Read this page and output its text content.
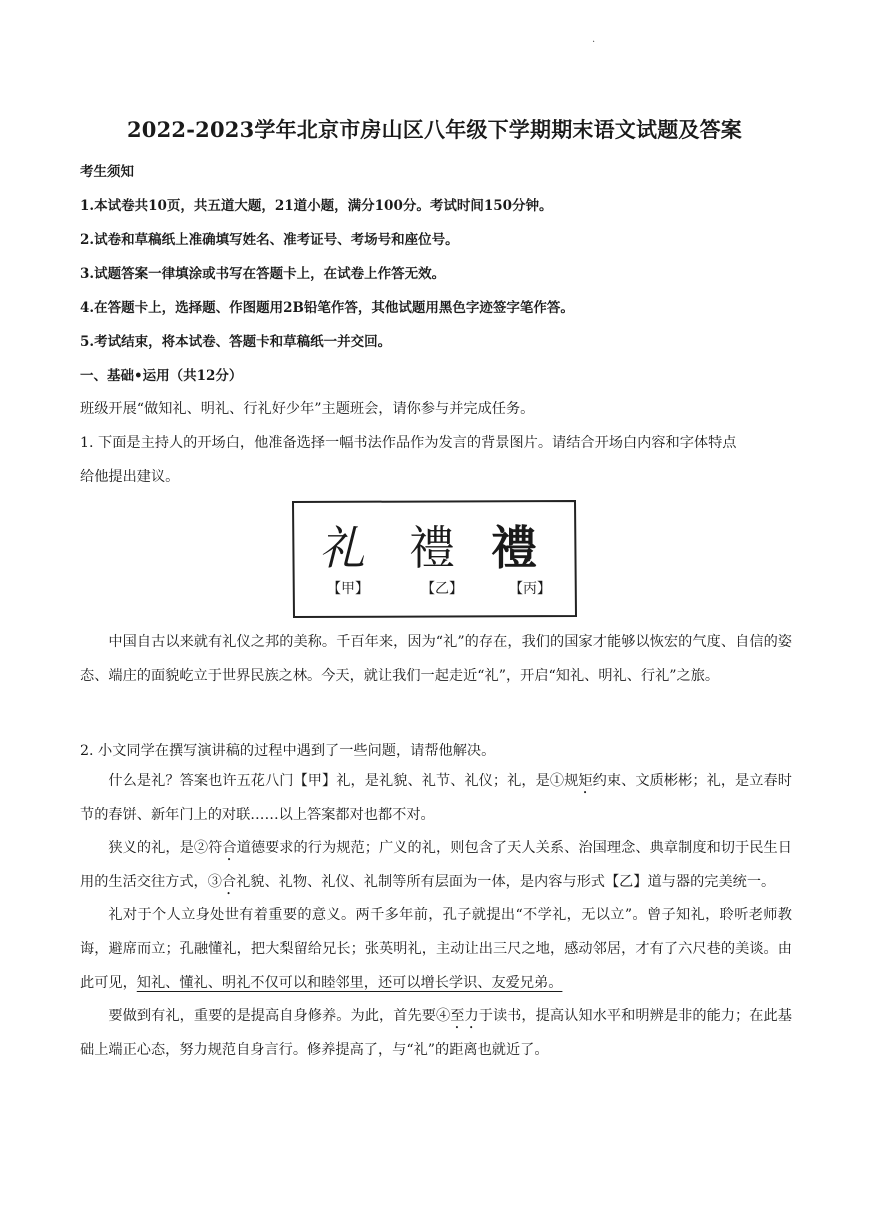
.
2022-2023学年北京市房山区八年级下学期期末语文试题及答案
考生须知
1.本试卷共10页，共五道大题，21道小题，满分100分。考试时间150分钟。
2.试卷和草稿纸上准确填写姓名、准考证号、考场号和座位号。
3.试题答案一律填涂或书写在答题卡上，在试卷上作答无效。
4.在答题卡上，选择题、作图题用2B铅笔作答，其他试题用黑色字迹签字笔作答。
5.考试结束，将本试卷、答题卡和草稿纸一并交回。
一、基础•运用（共12分）
班级开展“做知礼、明礼、行礼好少年”主题班会，请你参与并完成任务。
1. 下面是主持人的开场白，他准备选择一幅书法作品作为发言的背景图片。请结合开场白内容和字体特点
给他提出建议。
礼 禮 禮
【甲】	【乙】	【丙】

中国自古以来就有礼仪之邦的美称。千百年来，因为“礼”的存在，我们的国家才能够以恢宏的气度、自信的姿态、端庄的面貌屹立于世界民族之林。今天，就让我们一起走近“礼”，开启“知礼、明礼、行礼”之旅。

2. 小文同学在撰写演讲稿的过程中遇到了一些问题，请帮他解决。

什么是礼？答案也许五花八门【甲】礼，是礼貌、礼节、礼仪；礼，是①规矩约束、文质彬彬；礼，是立春时节的春饼、新年门上的对联……以上答案都对也都不对。

狭义的礼，是②符合道德要求的行为规范；广义的礼，则包含了天人关系、治国理念、典章制度和切于民生日用的生活交往方式，③合礼貌、礼物、礼仪、礼制等所有层面为一体，是内容与形式【乙】道与器的完美统一。

礼对于个人立身处世有着重要的意义。两千多年前，孔子就提出“不学礼，无以立”。曾子知礼，聆听老师教诲，避席而立；孔融懂礼，把大梨留给兄长；张英明礼，主动让出三尺之地，感动邻居，才有了六尺巷的美谈。由此可见，知礼、懂礼、明礼不仅可以和睦邻里，还可以增长学识、友爱兄弟。

要做到有礼，重要的是提高自身修养。为此，首先要④至力于读书，提高认知水平和明辨是非的能力；在此基础上端正心态，努力规范自身言行。修养提高了，与“礼”的距离也就近了。
